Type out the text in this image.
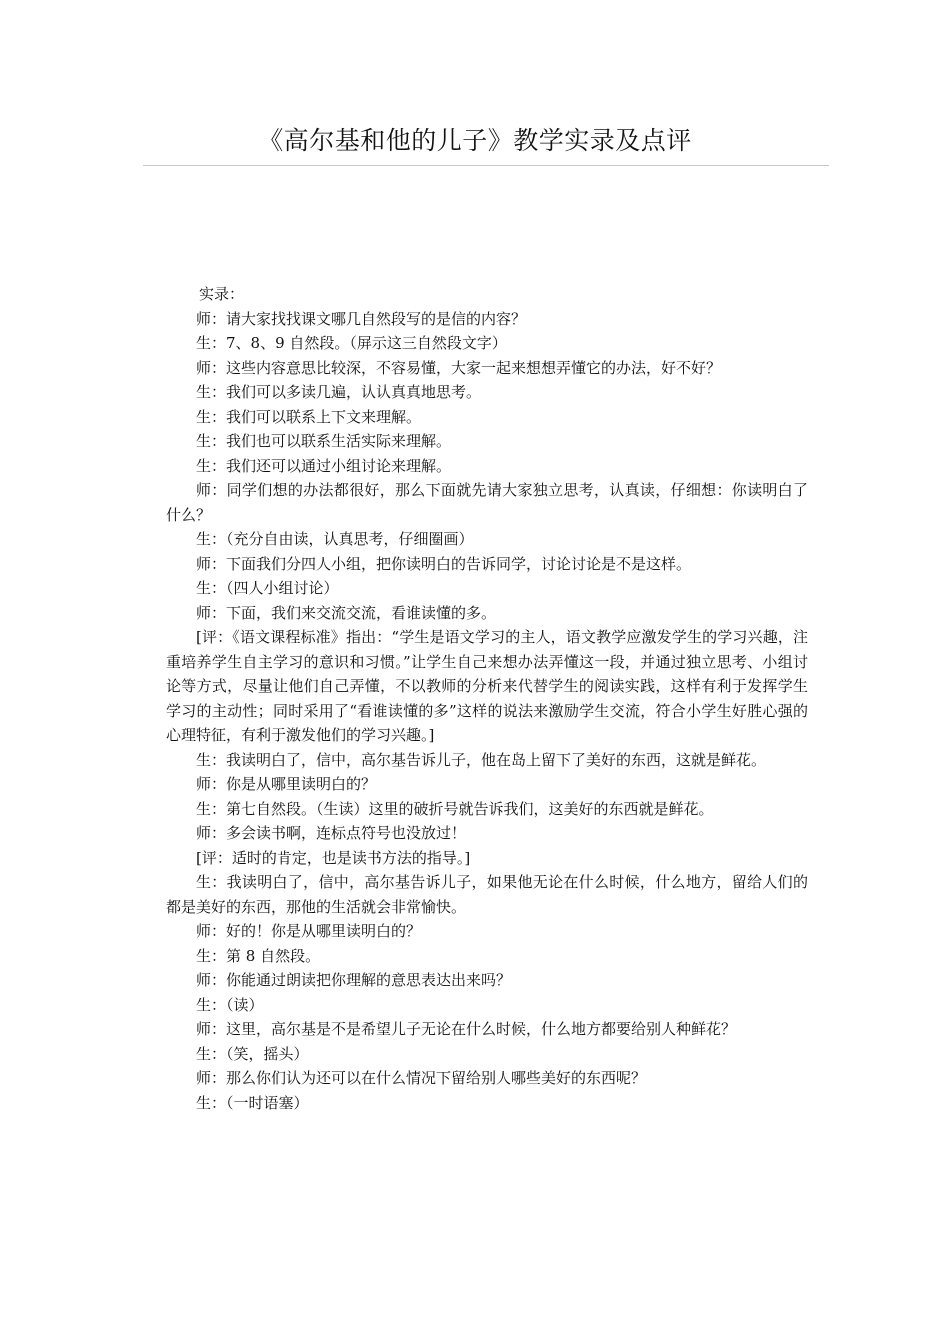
《高尔基和他的儿子》教学实录及点评

实录：

师：请大家找找课文哪几自然段写的是信的内容？

生：7、8、9 自然段。（屏示这三自然段文字）

师：这些内容意思比较深，不容易懂，大家一起来想想弄懂它的办法，好不好？

生：我们可以多读几遍，认认真真地思考。

生：我们可以联系上下文来理解。

生：我们也可以联系生活实际来理解。

生：我们还可以通过小组讨论来理解。

师：同学们想的办法都很好，那么下面就先请大家独立思考，认真读，仔细想：你读明白了什么？

生：（充分自由读，认真思考，仔细圈画）

师：下面我们分四人小组，把你读明白的告诉同学，讨论讨论是不是这样。

生：（四人小组讨论）

师：下面，我们来交流交流，看谁读懂的多。

[评：《语文课程标准》指出：“学生是语文学习的主人，语文教学应激发学生的学习兴趣，注重培养学生自主学习的意识和习惯。”让学生自己来想办法弄懂这一段，并通过独立思考、小组讨论等方式，尽量让他们自己弄懂，不以教师的分析来代替学生的阅读实践，这样有利于发挥学生学习的主动性；同时采用了“看谁读懂的多”这样的说法来激励学生交流，符合小学生好胜心强的心理特征，有利于激发他们的学习兴趣。]

生：我读明白了，信中，高尔基告诉儿子，他在岛上留下了美好的东西，这就是鲜花。

师：你是从哪里读明白的？

生：第七自然段。（生读）这里的破折号就告诉我们，这美好的东西就是鲜花。

师：多会读书啊，连标点符号也没放过！

[评：适时的肯定，也是读书方法的指导。]

生：我读明白了，信中，高尔基告诉儿子，如果他无论在什么时候，什么地方，留给人们的都是美好的东西，那他的生活就会非常愉快。

师：好的！你是从哪里读明白的？

生：第 8 自然段。

师：你能通过朗读把你理解的意思表达出来吗？

生：（读）

师：这里，高尔基是不是希望儿子无论在什么时候，什么地方都要给别人种鲜花？

生：（笑，摇头）

师：那么你们认为还可以在什么情况下留给别人哪些美好的东西呢？

生：（一时语塞）
